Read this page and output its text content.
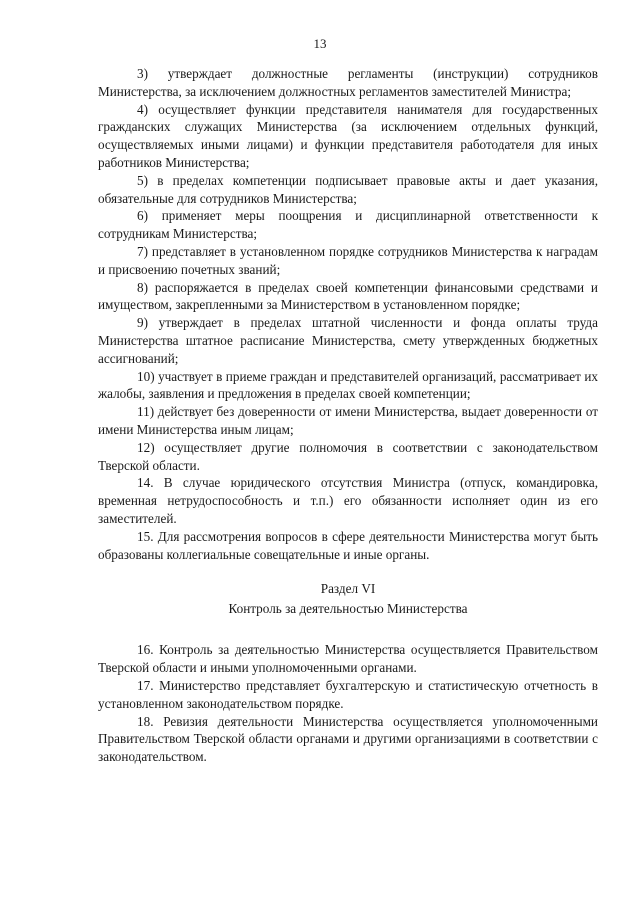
13

3) утверждает должностные регламенты (инструкции) сотрудников Министерства, за исключением должностных регламентов заместителей Министра;

4) осуществляет функции представителя нанимателя для государственных гражданских служащих Министерства (за исключением отдельных функций, осуществляемых иными лицами) и функции представителя работодателя для иных работников Министерства;

5) в пределах компетенции подписывает правовые акты и дает указания, обязательные для сотрудников Министерства;

6) применяет меры поощрения и дисциплинарной ответственности к сотрудникам Министерства;

7) представляет в установленном порядке сотрудников Министерства к наградам и присвоению почетных званий;

8) распоряжается в пределах своей компетенции финансовыми средствами и имуществом, закрепленными за Министерством в установленном порядке;

9) утверждает в пределах штатной численности и фонда оплаты труда Министерства штатное расписание Министерства, смету утвержденных бюджетных ассигнований;

10) участвует в приеме граждан и представителей организаций, рассматривает их жалобы, заявления и предложения в пределах своей компетенции;

11) действует без доверенности от имени Министерства, выдает доверенности от имени Министерства иным лицам;

12) осуществляет другие полномочия в соответствии с законодательством Тверской области.

14. В случае юридического отсутствия Министра (отпуск, командировка, временная нетрудоспособность и т.п.) его обязанности исполняет один из его заместителей.

15. Для рассмотрения вопросов в сфере деятельности Министерства могут быть образованы коллегиальные совещательные и иные органы.

Раздел VI
Контроль за деятельностью Министерства

16. Контроль за деятельностью Министерства осуществляется Правительством Тверской области и иными уполномоченными органами.

17. Министерство представляет бухгалтерскую и статистическую отчетность в установленном законодательством порядке.

18. Ревизия деятельности Министерства осуществляется уполномоченными Правительством Тверской области органами и другими организациями в соответствии с законодательством.
